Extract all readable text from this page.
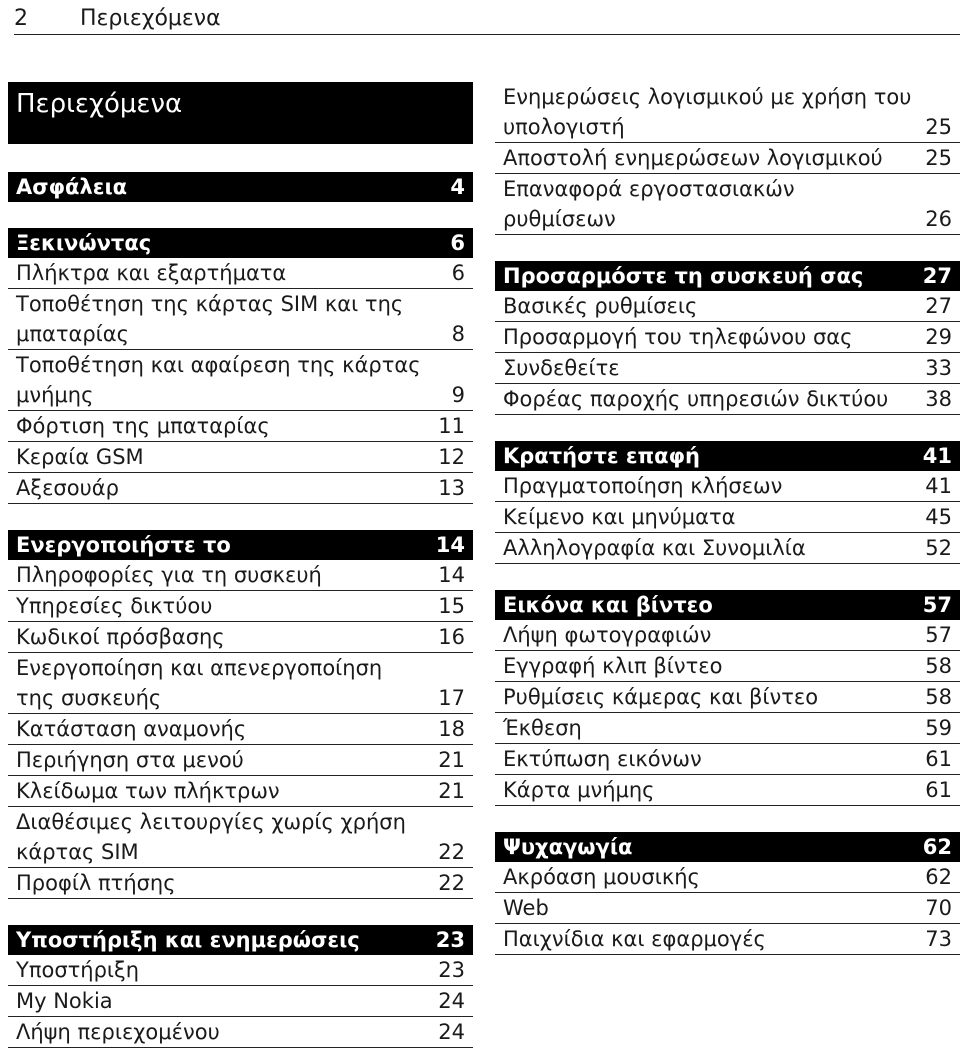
2 Περιεχόμενα
Περιεχόμενα
Ασφάλεια	4
Ξεκινώντας	6
Πλήκτρα και εξαρτήματα	6
Τοποθέτηση της κάρτας SIM και της μπαταρίας	8
Τοποθέτηση και αφαίρεση της κάρτας μνήμης	9
Φόρτιση της μπαταρίας	11
Κεραία GSM	12
Αξεσουάρ	13
Ενεργοποιήστε το	14
Πληροφορίες για τη συσκευή	14
Υπηρεσίες δικτύου	15
Κωδικοί πρόσβασης	16
Ενεργοποίηση και απενεργοποίηση της συσκευής	17
Κατάσταση αναμονής	18
Περιήγηση στα μενού	21
Κλείδωμα των πλήκτρων	21
Διαθέσιμες λειτουργίες χωρίς χρήση κάρτας SIM	22
Προφίλ πτήσης	22
Υποστήριξη και ενημερώσεις	23
Υποστήριξη	23
My Nokia	24
Λήψη περιεχομένου	24
Ενημερώσεις λογισμικού με χρήση του υπολογιστή	25
Αποστολή ενημερώσεων λογισμικού	25
Επαναφορά εργοστασιακών ρυθμίσεων	26
Προσαρμόστε τη συσκευή σας	27
Βασικές ρυθμίσεις	27
Προσαρμογή του τηλεφώνου σας	29
Συνδεθείτε	33
Φορέας παροχής υπηρεσιών δικτύου	38
Κρατήστε επαφή	41
Πραγματοποίηση κλήσεων	41
Κείμενο και μηνύματα	45
Αλληλογραφία και Συνομιλία	52
Εικόνα και βίντεο	57
Λήψη φωτογραφιών	57
Εγγραφή κλιπ βίντεο	58
Ρυθμίσεις κάμερας και βίντεο	58
Έκθεση	59
Εκτύπωση εικόνων	61
Κάρτα μνήμης	61
Ψυχαγωγία	62
Ακρόαση μουσικής	62
Web	70
Παιχνίδια και εφαρμογές	73
